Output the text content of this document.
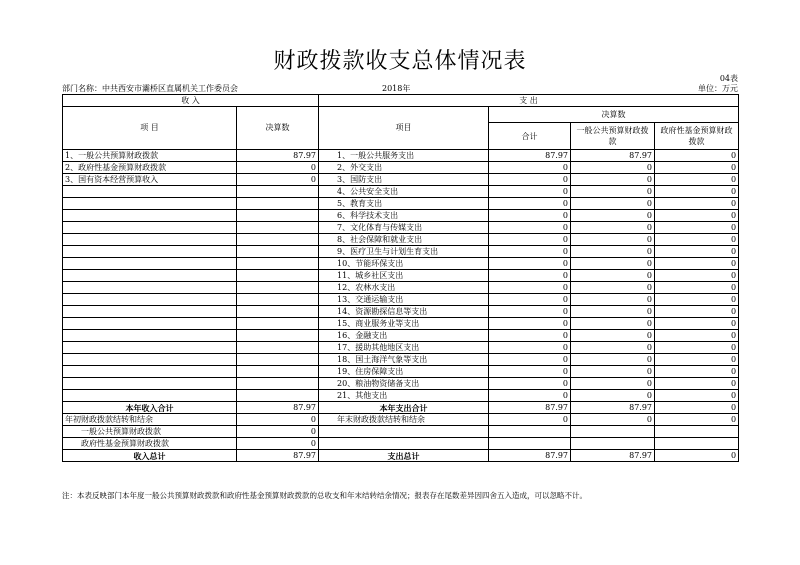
财政拨款收支总体情况表
04表
部门名称：中共西安市灞桥区直属机关工作委员会	2018年	单位：万元
收 入		支 出			
项 目	决算数	项目	决算数		
			合计	一般公共预算财政拨款	政府性基金预算财政拨款
1、一般公共预算财政拨款	87.97	1、一般公共服务支出	87.97	87.97	0
2、政府性基金预算财政拨款	0	2、外交支出	0	0	0
3、国有资本经营预算收入	0	3、国防支出	0	0	0
		4、公共安全支出	0	0	0
		5、教育支出	0	0	0
		6、科学技术支出	0	0	0
		7、文化体育与传媒支出	0	0	0
		8、社会保障和就业支出	0	0	0
		9、医疗卫生与计划生育支出	0	0	0
		10、节能环保支出	0	0	0
		11、城乡社区支出	0	0	0
		12、农林水支出	0	0	0
		13、交通运输支出	0	0	0
		14、资源勘探信息等支出	0	0	0
		15、商业服务业等支出	0	0	0
		16、金融支出	0	0	0
		17、援助其他地区支出	0	0	0
		18、国土海洋气象等支出	0	0	0
		19、住房保障支出	0	0	0
		20、粮油物资储备支出	0	0	0
		21、其他支出	0	0	0
本年收入合计	87.97	本年支出合计	87.97	87.97	0
年初财政拨款结转和结余	0	年末财政拨款结转和结余	0	0	0
一般公共预算财政拨款	0				
政府性基金预算财政拨款	0				
收入总计	87.97	支出总计	87.97	87.97	0
注：本表反映部门本年度一般公共预算财政拨款和政府性基金预算财政拨款的总收支和年末结转结余情况；报表存在尾数差异因四舍五入造成，可以忽略不计。
